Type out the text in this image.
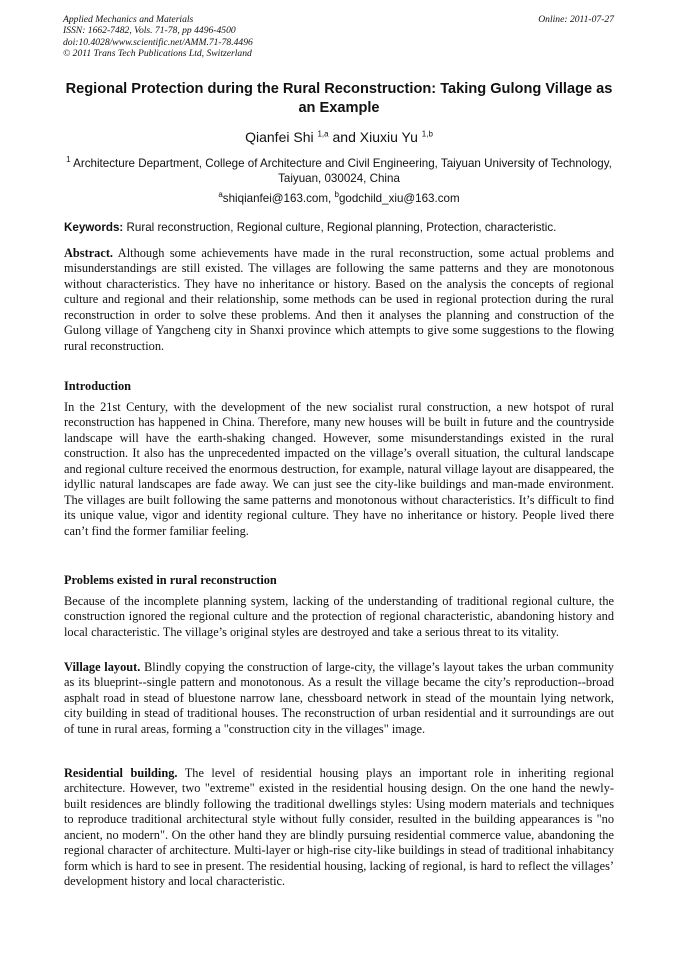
Applied Mechanics and Materials
ISSN: 1662-7482, Vols. 71-78, pp 4496-4500
doi:10.4028/www.scientific.net/AMM.71-78.4496
© 2011 Trans Tech Publications Ltd, Switzerland
Online: 2011-07-27
Regional Protection during the Rural Reconstruction: Taking Gulong Village as an Example
Qianfei Shi $^{1,a}$ and Xiuxiu Yu $^{1,b}$
$^1$ Architecture Department, College of Architecture and Civil Engineering, Taiyuan University of Technology, Taiyuan, 030024, China
$^a$shiqianfei@163.com, $^b$godchild_xiu@163.com
Keywords: Rural reconstruction, Regional culture, Regional planning, Protection, characteristic.

Abstract. Although some achievements have made in the rural reconstruction, some actual problems and misunderstandings are still existed. The villages are following the same patterns and they are monotonous without characteristics. They have no inheritance or history. Based on the analysis the concepts of regional culture and regional and their relationship, some methods can be used in regional protection during the rural reconstruction in order to solve these problems. And then it analyses the planning and construction of the Gulong village of Yangcheng city in Shanxi province which attempts to give some suggestions to the flowing rural reconstruction.

Introduction

In the 21st Century, with the development of the new socialist rural construction, a new hotspot of rural reconstruction has happened in China. Therefore, many new houses will be built in future and the countryside landscape will have the earth-shaking changed. However, some misunderstandings existed in the rural construction. It also has the unprecedented impacted on the village’s overall situation, the cultural landscape and regional culture received the enormous destruction, for example, natural village layout are disappeared, the idyllic natural landscapes are fade away. We can just see the city-like buildings and man-made environment. The villages are built following the same patterns and monotonous without characteristics. It’s difficult to find its unique value, vigor and identity regional culture. They have no inheritance or history. People lived there can’t find the former familiar feeling.

Problems existed in rural reconstruction

Because of the incomplete planning system, lacking of the understanding of traditional regional culture, the construction ignored the regional culture and the protection of regional characteristic, abandoning history and local characteristic. The village’s original styles are destroyed and take a serious threat to its vitality.

Village layout. Blindly copying the construction of large-city, the village’s layout takes the urban community as its blueprint--single pattern and monotonous. As a result the village became the city’s reproduction--broad asphalt road in stead of bluestone narrow lane, chessboard network in stead of the mountain lying network, city building in stead of traditional houses. The reconstruction of urban residential and it surroundings are out of tune in rural areas, forming a "construction city in the villages" image.

Residential building. The level of residential housing plays an important role in inheriting regional architecture. However, two "extreme" existed in the residential housing design. On the one hand the newly-built residences are blindly following the traditional dwellings styles: Using modern materials and techniques to reproduce traditional architectural style without fully consider, resulted in the building appearances is "no ancient, no modern". On the other hand they are blindly pursuing residential commerce value, abandoning the regional character of architecture. Multi-layer or high-rise city-like buildings in stead of traditional inhabitancy form which is hard to see in present. The residential housing, lacking of regional, is hard to reflect the villages’ development history and local characteristic.
